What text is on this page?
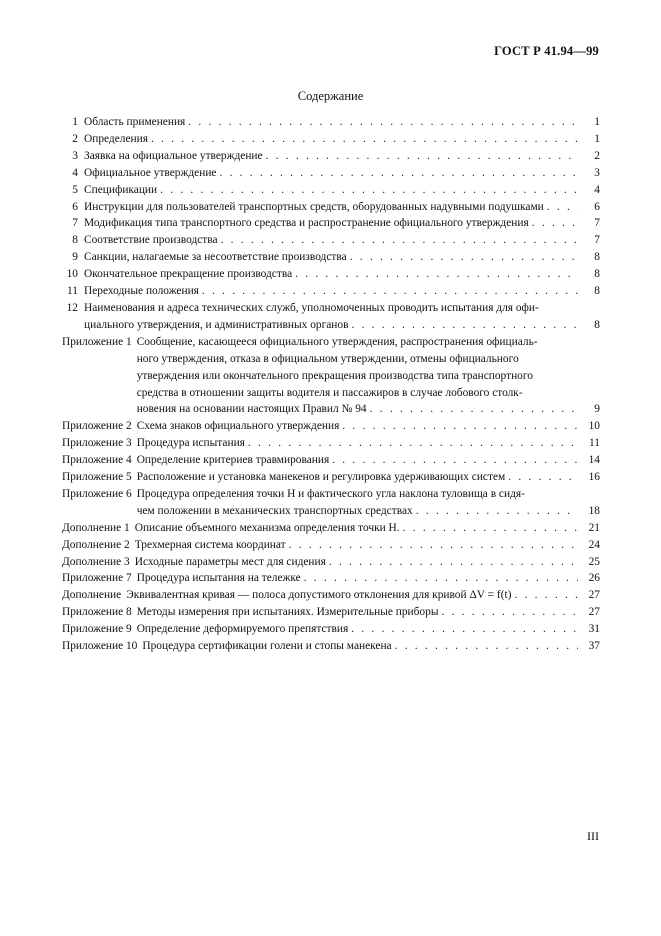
ГОСТ Р 41.94—99
Содержание
1 Область применения . . .	1
2 Определения . . .	1
3 Заявка на официальное утверждение . . .	2
4 Официальное утверждение . . .	3
5 Спецификации . . .	4
6 Инструкции для пользователей транспортных средств, оборудованных надувными подушками . . .	6
7 Модификация типа транспортного средства и распространение официального утверждения . . .	7
8 Соответствие производства . . .	7
9 Санкции, налагаемые за несоответствие производства . . .	8
10 Окончательное прекращение производства . . .	8
11 Переходные положения . . .	8
12 Наименования и адреса технических служб, уполномоченных проводить испытания для офи-
циального утверждения, и административных органов . . .	8
Приложение 1 Сообщение, касающееся официального утверждения, распространения официаль-
ного утверждения, отказа в официальном утверждении, отмены официального
утверждения или окончательного прекращения производства типа транспортного
средства в отношении защиты водителя и пассажиров в случае лобового столк-
новения на основании настоящих Правил № 94 . . .	9
Приложение 2 Схема знаков официального утверждения . . .	10
Приложение 3 Процедура испытания . . .	11
Приложение 4 Определение критериев травмирования . . .	14
Приложение 5 Расположение и установка манекенов и регулировка удерживающих систем . . .	16
Приложение 6 Процедура определения точки H и фактического угла наклона туловища в сидя-
чем положении в механических транспортных средствах . . .	18
Дополнение 1 Описание объемного механизма определения точки H. . . .	21
Дополнение 2 Трехмерная система координат . . .	24
Дополнение 3 Исходные параметры мест для сидения . . .	25
Приложение 7 Процедура испытания на тележке . . .	26
Дополнение Эквивалентная кривая — полоса допустимого отклонения для кривой ΔV = f(t) . . .	27
Приложение 8 Методы измерения при испытаниях. Измерительные приборы . . .	27
Приложение 9 Определение деформируемого препятствия . . .	31
Приложение 10 Процедура сертификации голени и стопы манекена . . .	37
III
